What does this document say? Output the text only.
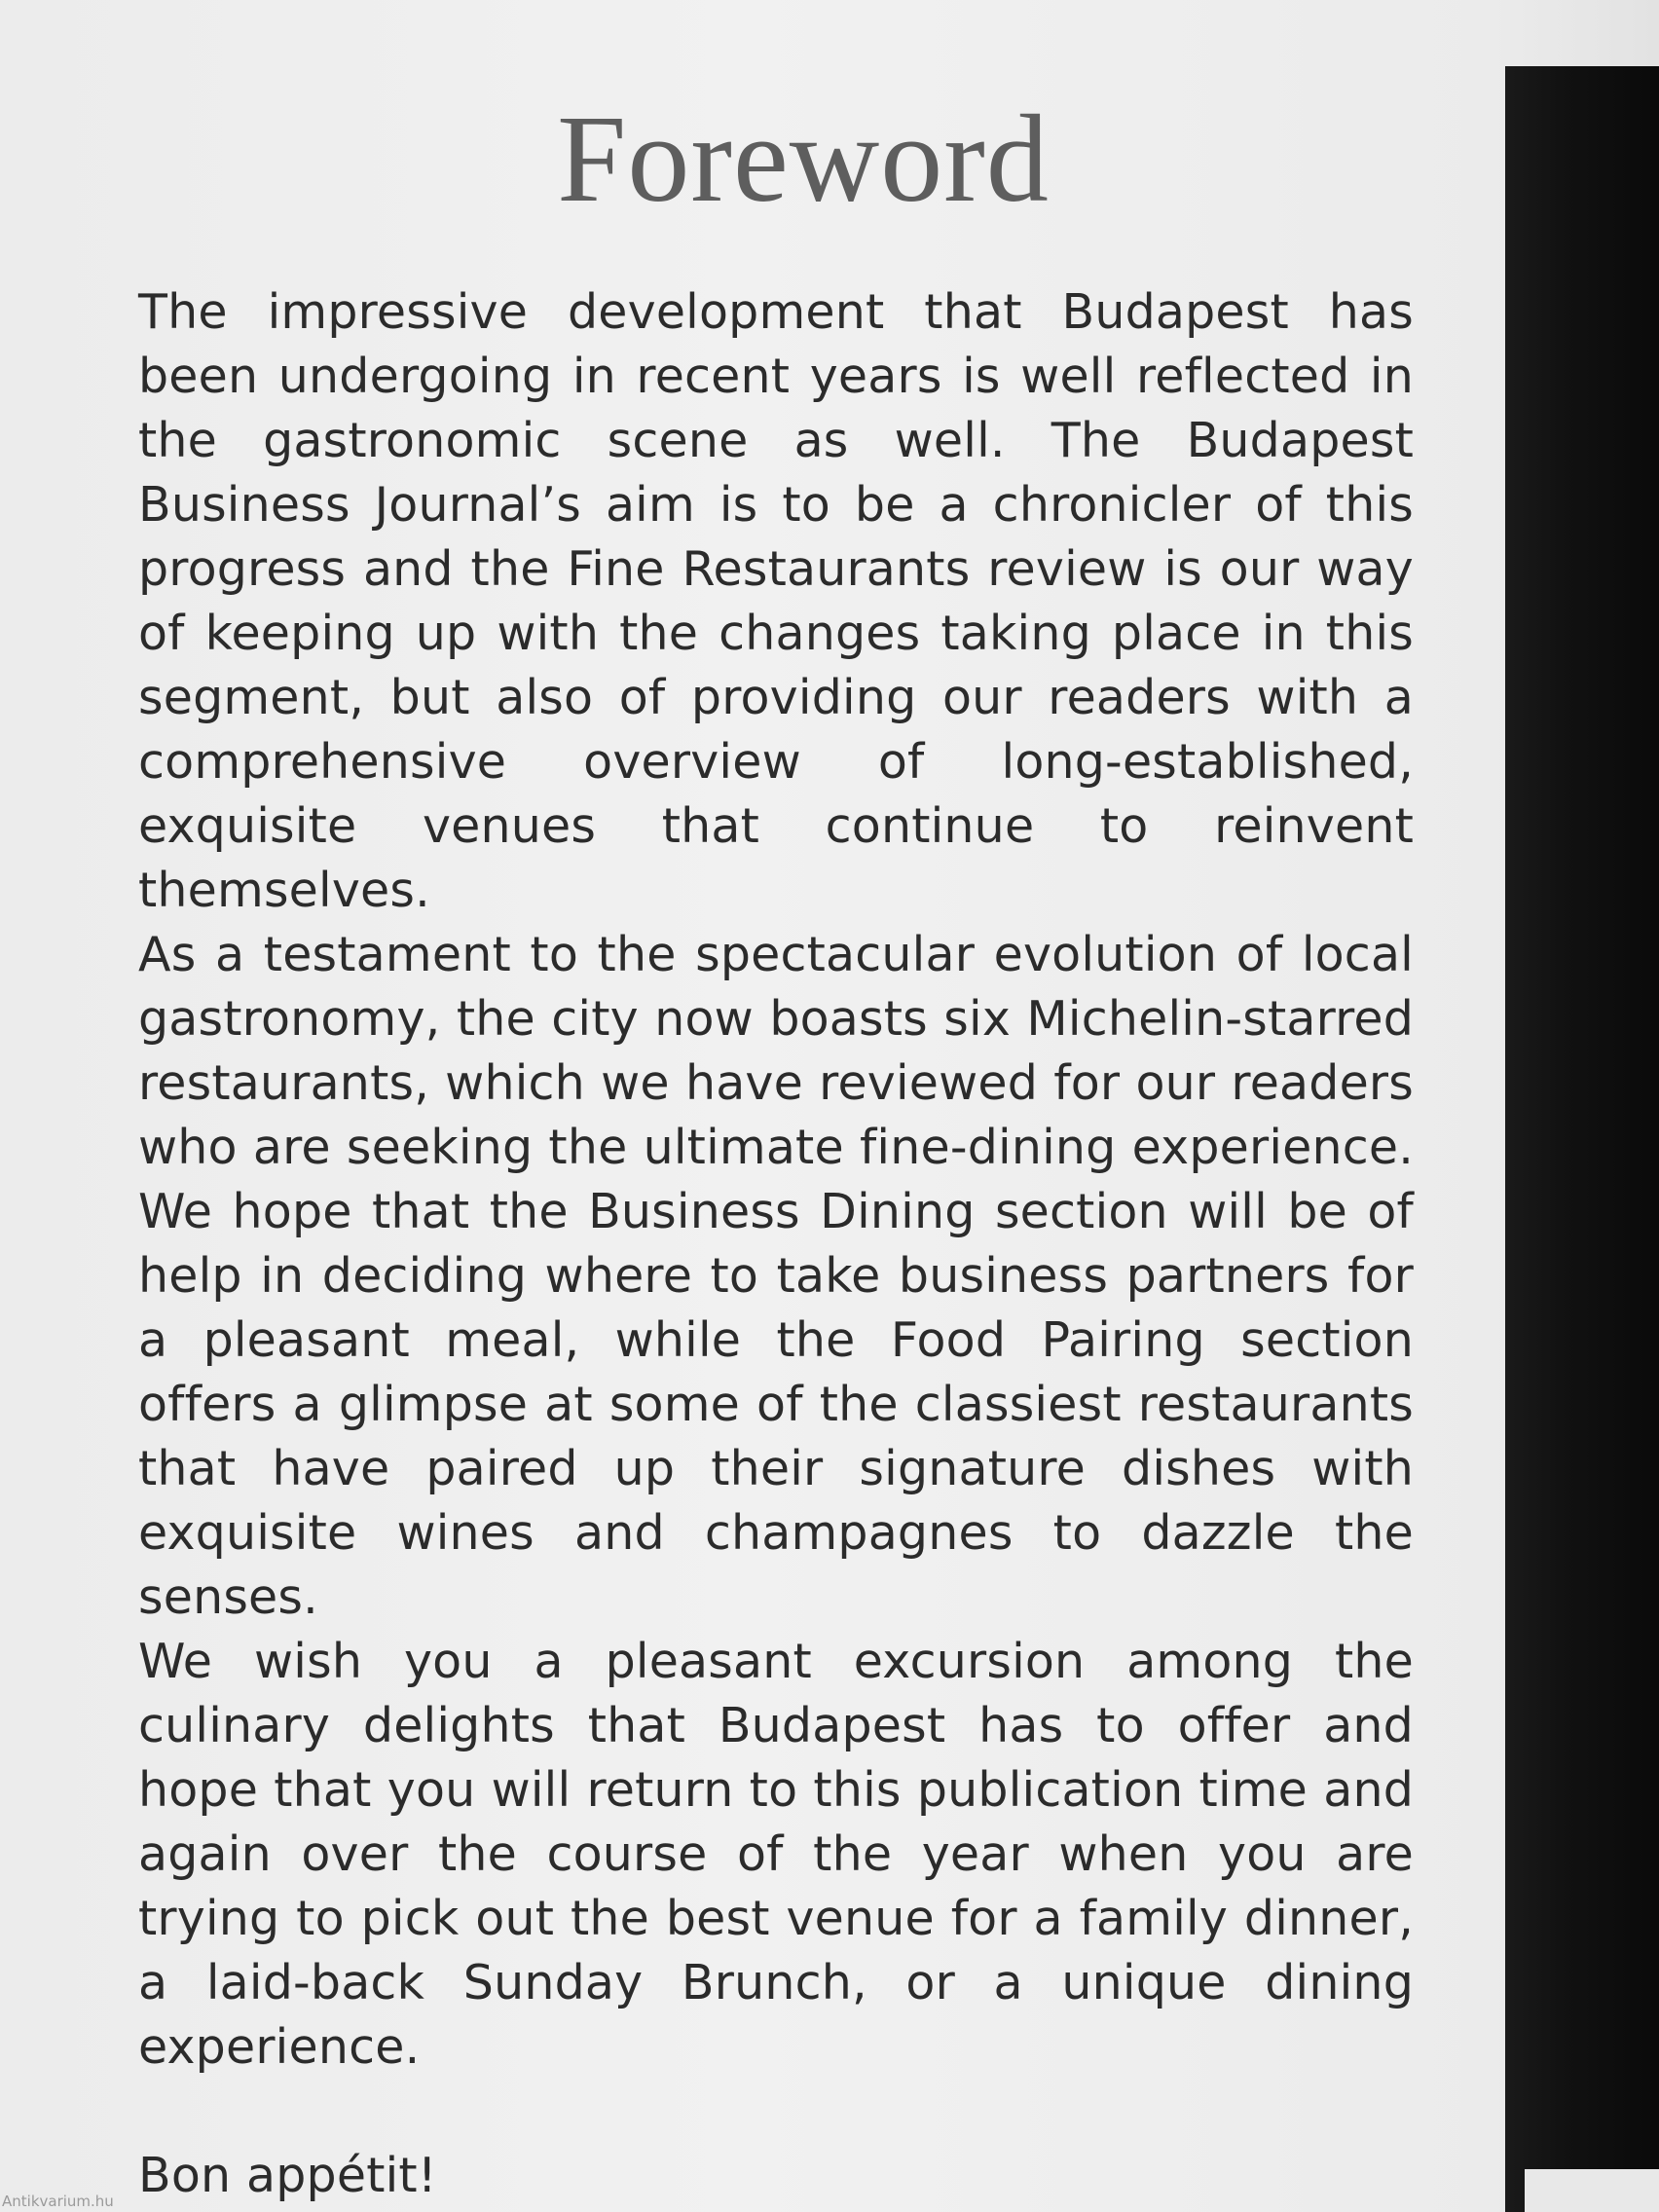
Foreword

The impressive development that Budapest has been undergoing in recent years is well reflected in the gastronomic scene as well. The Budapest Business Journal’s aim is to be a chronicler of this progress and the Fine Restaurants review is our way of keeping up with the changes taking place in this segment, but also of providing our readers with a comprehensive overview of long-established, exquisite venues that continue to reinvent themselves.

As a testament to the spectacular evolution of local gastronomy, the city now boasts six Michelin-starred restaurants, which we have reviewed for our readers who are seeking the ultimate fine-dining experience. We hope that the Business Dining section will be of help in deciding where to take business partners for a pleasant meal, while the Food Pairing section offers a glimpse at some of the classiest restaurants that have paired up their signature dishes with exquisite wines and champagnes to dazzle the senses.

We wish you a pleasant excursion among the culinary delights that Budapest has to offer and hope that you will return to this publication time and again over the course of the year when you are trying to pick out the best venue for a family dinner, a laid-back Sunday Brunch, or a unique dining experience.

Bon appétit!

Antikvarium.hu
